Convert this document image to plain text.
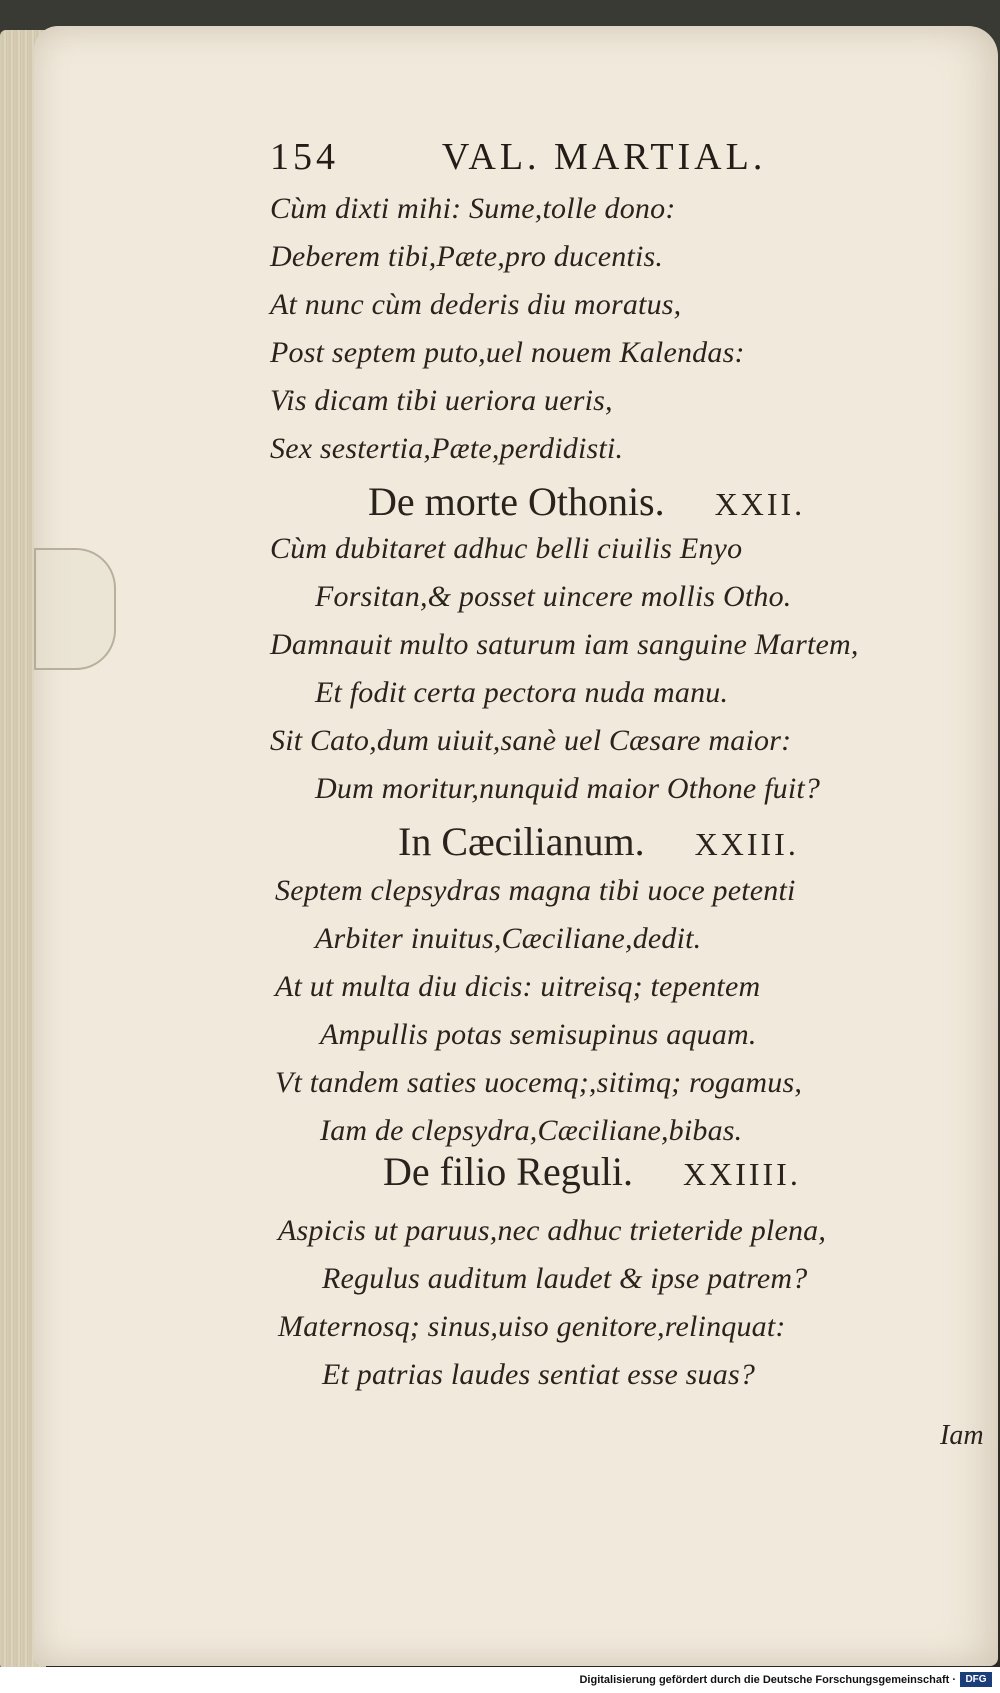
154	VAL. MARTIAL.
Cùm dixti mihi: Sume,tolle dono:
Deberem tibi,Pæte,pro ducentis.
At nunc cùm dederis diu moratus,
Post septem puto,uel nouem Kalendas:
Vis dicam tibi ueriora ueris,
Sex sestertia,Pæte,perdidisti.
De morte Othonis. XXII.
Cùm dubitaret adhuc belli ciuilis Enyo
Forsitan,& posset uincere mollis Otho.
Damnauit multo saturum iam sanguine Martem,
Et fodit certa pectora nuda manu.
Sit Cato,dum uiuit,sanè uel Cæsare maior:
Dum moritur,nunquid maior Othone fuit?
In Cæcilianum. XXIII.
Septem clepsydras magna tibi uoce petenti
Arbiter inuitus,Cæciliane,dedit.
At ut multa diu dicis: uitreisq; tepentem
Ampullis potas semisupinus aquam.
Vt tandem saties uocemq;,sitimq; rogamus,
Iam de clepsydra,Cæciliane,bibas.
De filio Reguli. XXIIII.
Aspicis ut paruus,nec adhuc trieteride plena,
Regulus auditum laudet & ipse patrem?
Maternosq; sinus,uiso genitore,relinquat:
Et patrias laudes sentiat esse suas?
Iam
Digitalisierung gefördert durch die Deutsche Forschungsgemeinschaft · DFG
